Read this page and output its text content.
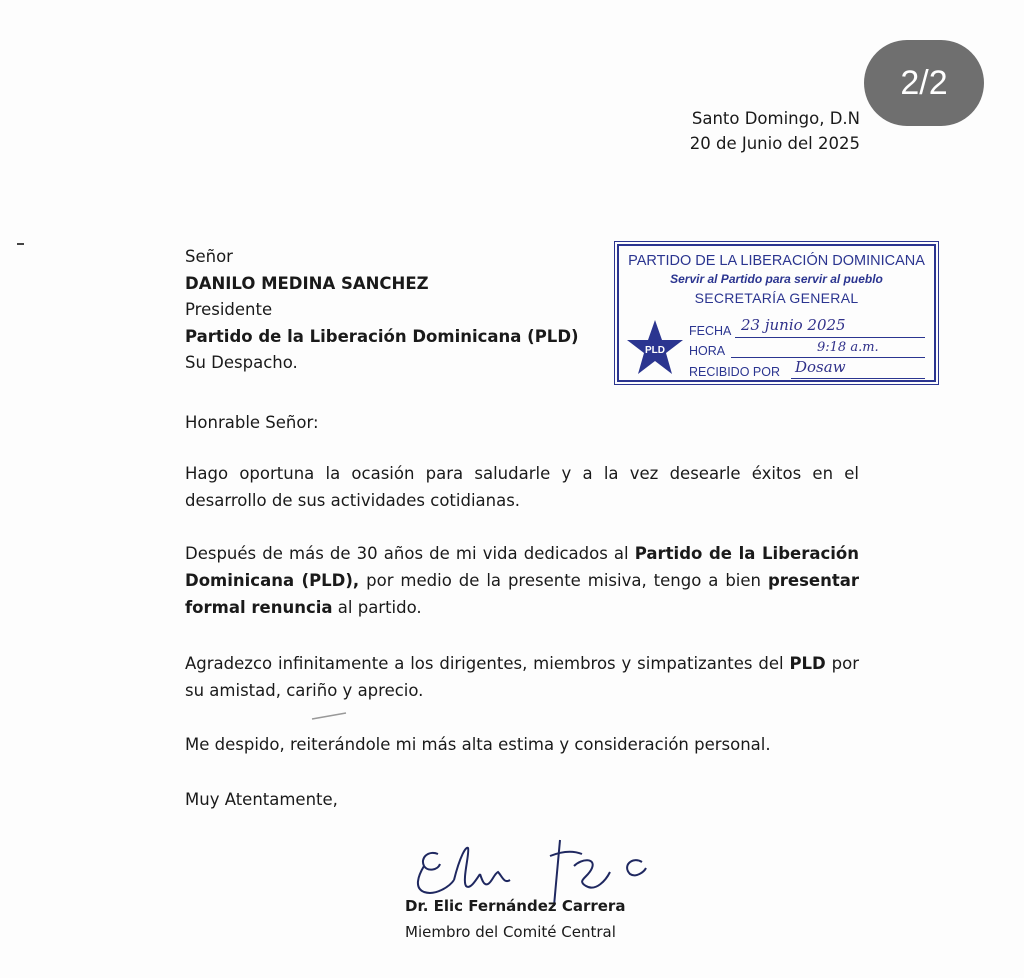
2/2
Santo Domingo, D.N
20 de Junio del 2025
Señor
DANILO MEDINA SANCHEZ
Presidente
Partido de la Liberación Dominicana (PLD)
Su Despacho.
PARTIDO DE LA LIBERACIÓN DOMINICANA
Servir al Partido para servir al pueblo
SECRETARÍA GENERAL
PLD
FECHA 23 junio 2025
HORA	9:18 a.m.
RECIBIDO POR Dosaw
Honrable Señor:
Hago oportuna la ocasión para saludarle y a la vez desearle éxitos en el desarrollo de sus actividades cotidianas.
Después de más de 30 años de mi vida dedicados al Partido de la Liberación Dominicana (PLD), por medio de la presente misiva, tengo a bien presentar formal renuncia al partido.
Agradezco infinitamente a los dirigentes, miembros y simpatizantes del PLD por su amistad, cariño y aprecio.
Me despido, reiterándole mi más alta estima y consideración personal.
Muy Atentamente,
Dr. Elic Fernández Carrera
Miembro del Comité Central
